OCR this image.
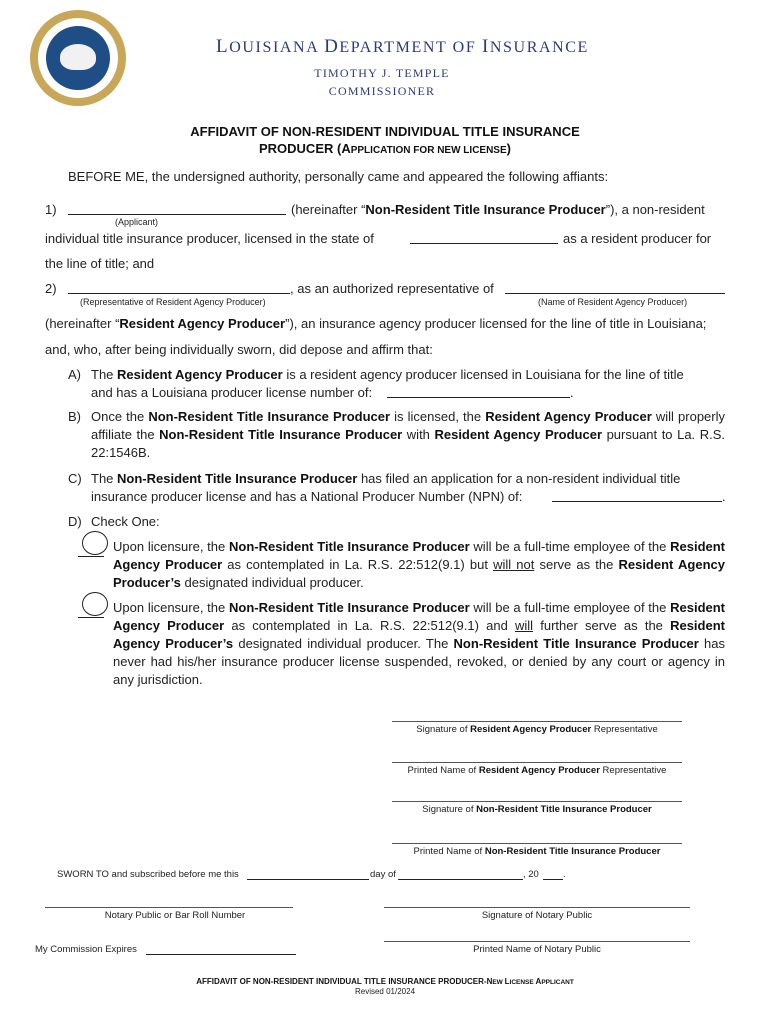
LOUISIANA DEPARTMENT OF INSURANCE
TIMOTHY J. TEMPLE
COMMISSIONER
AFFIDAVIT OF NON-RESIDENT INDIVIDUAL TITLE INSURANCE
PRODUCER (APPLICATION FOR NEW LICENSE)
BEFORE ME, the undersigned authority, personally came and appeared the following affiants:
1)	(hereinafter “Non-Resident Title Insurance Producer”), a non-resident
(Applicant)
individual title insurance producer, licensed in the state of	as a resident producer for
the line of title; and
2)	, as an authorized representative of
(Representative of Resident Agency Producer)	(Name of Resident Agency Producer)
(hereinafter “Resident Agency Producer”), an insurance agency producer licensed for the line of title in Louisiana;
and, who, after being individually sworn, did depose and affirm that:
A) The Resident Agency Producer is a resident agency producer licensed in Louisiana for the line of title
and has a Louisiana producer license number of:	.
B) Once the Non-Resident Title Insurance Producer is licensed, the Resident Agency Producer will properly affiliate the Non-Resident Title Insurance Producer with Resident Agency Producer pursuant to La. R.S. 22:1546B.
C) The Non-Resident Title Insurance Producer has filed an application for a non-resident individual title
insurance producer license and has a National Producer Number (NPN) of:	.
D) Check One:
Upon licensure, the Non-Resident Title Insurance Producer will be a full-time employee of the Resident Agency Producer as contemplated in La. R.S. 22:512(9.1) but will not serve as the Resident Agency Producer’s designated individual producer.
Upon licensure, the Non-Resident Title Insurance Producer will be a full-time employee of the Resident Agency Producer as contemplated in La. R.S. 22:512(9.1) and will further serve as the Resident Agency Producer’s designated individual producer. The Non-Resident Title Insurance Producer has never had his/her insurance producer license suspended, revoked, or denied by any court or agency in any jurisdiction.
Signature of Resident Agency Producer Representative
Printed Name of Resident Agency Producer Representative
Signature of Non-Resident Title Insurance Producer
Printed Name of Non-Resident Title Insurance Producer
SWORN TO and subscribed before me this	day of	, 20	.
Notary Public or Bar Roll Number	Signature of Notary Public
My Commission Expires	Printed Name of Notary Public
AFFIDAVIT OF NON-RESIDENT INDIVIDUAL TITLE INSURANCE PRODUCER-NEW LICENSE APPLICANT
Revised 01/2024
